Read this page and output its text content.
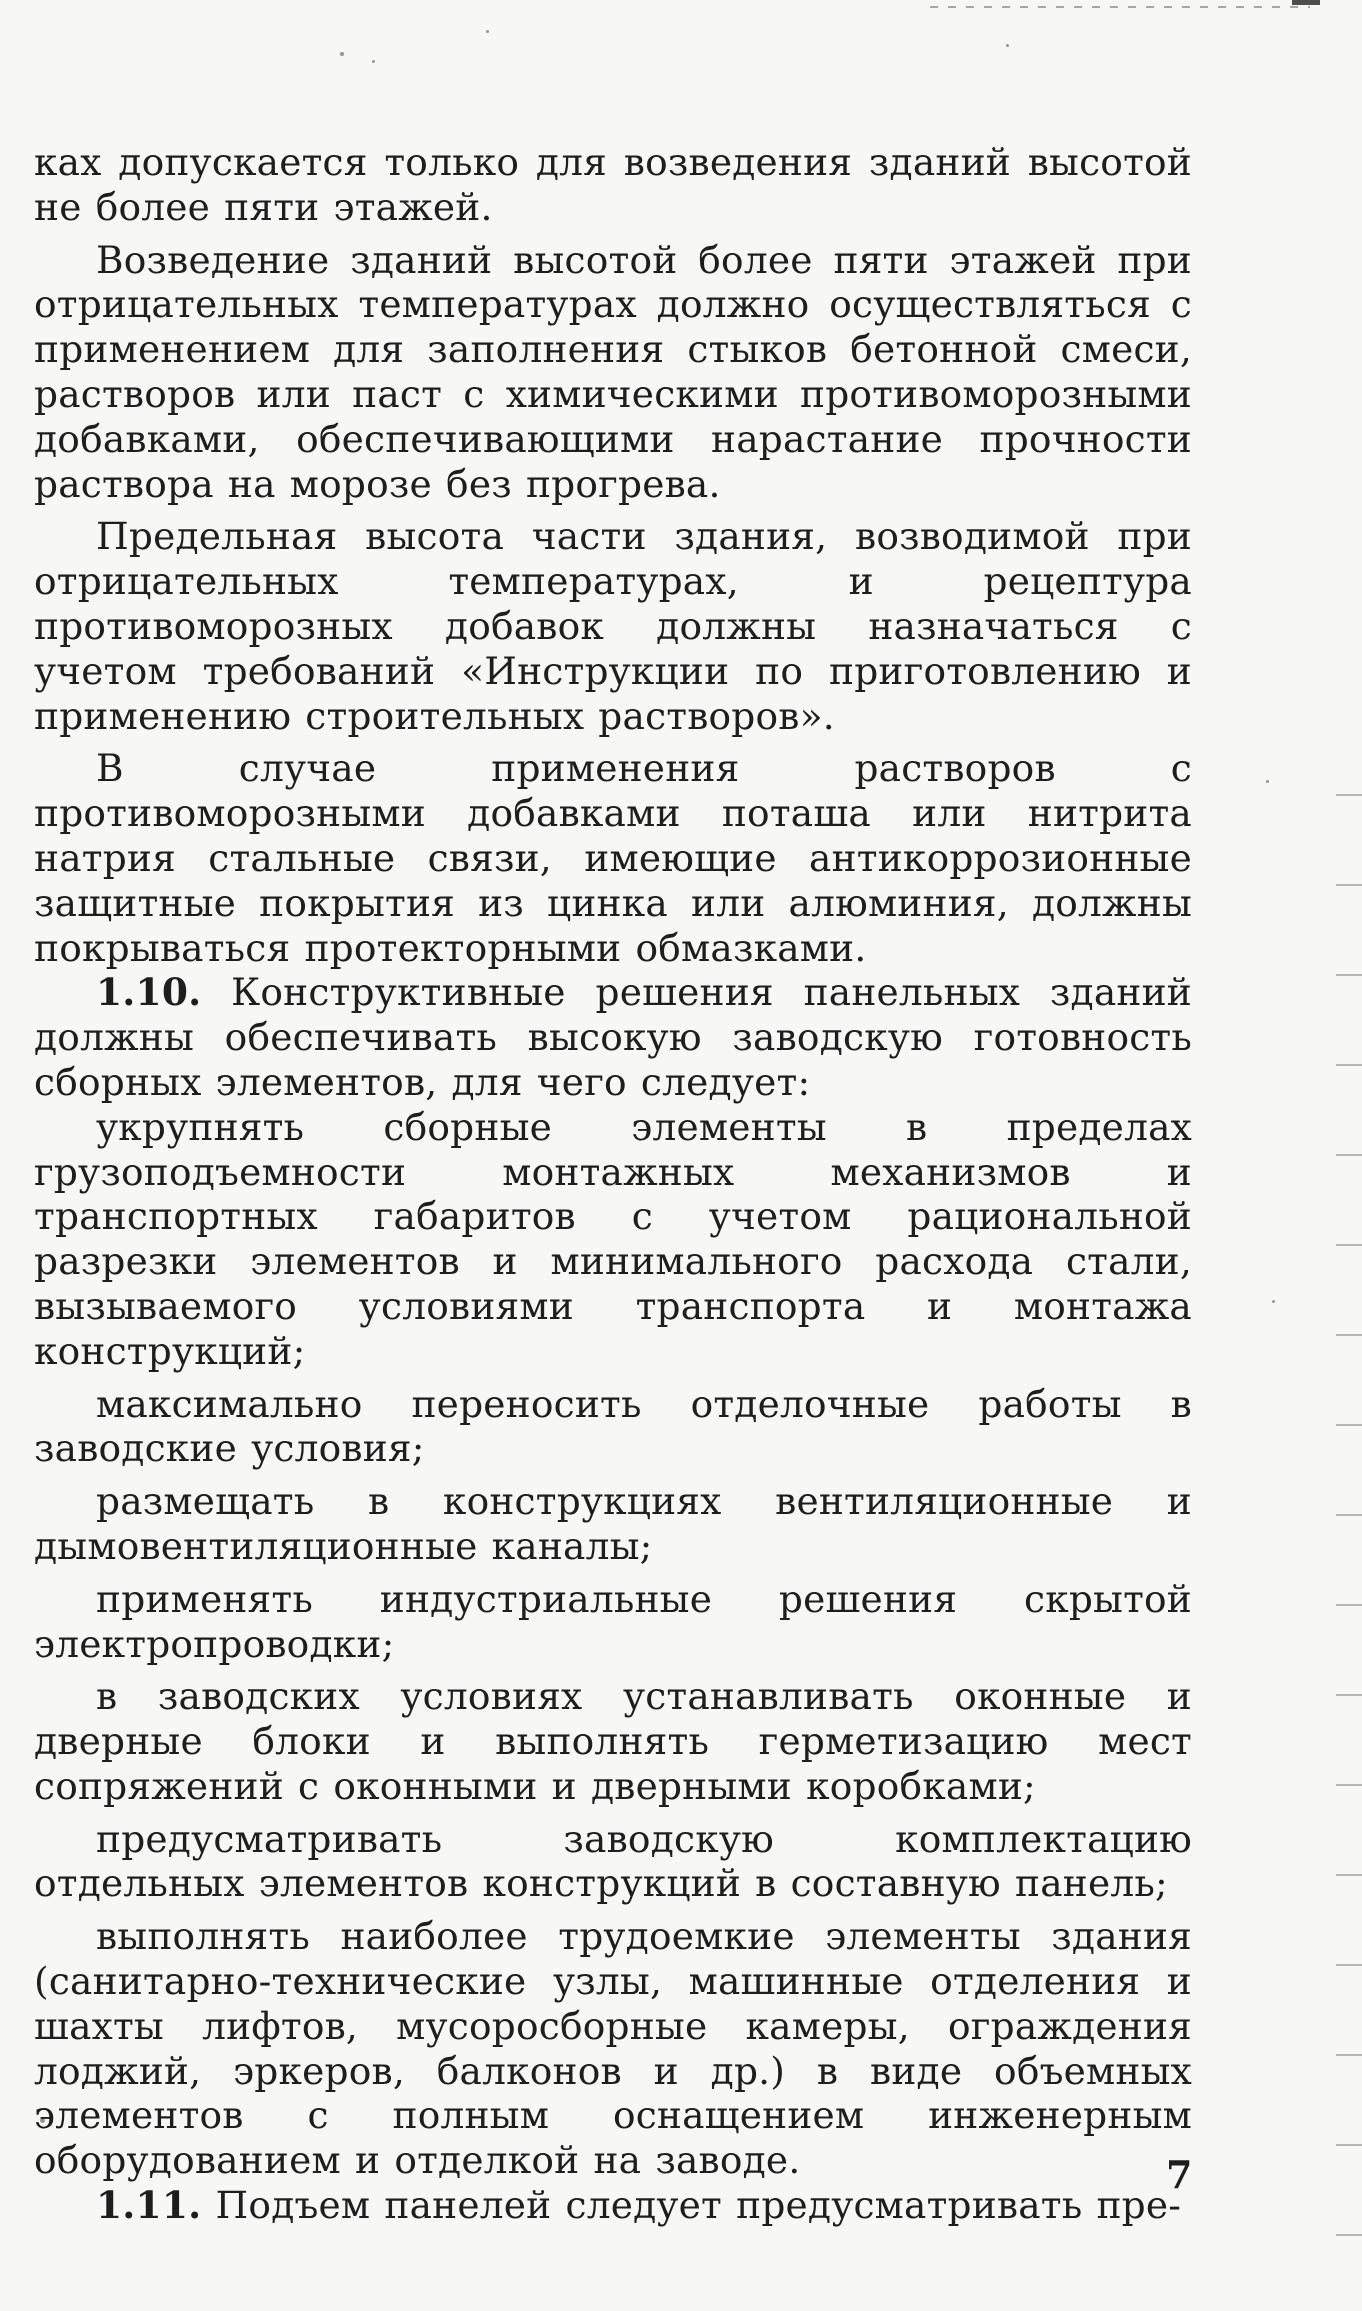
ках допускается только для возведения зданий высотой не более пяти этажей.

Возведение зданий высотой более пяти этажей при отрицательных температурах должно осуществляться с применением для заполнения стыков бетонной смеси, растворов или паст с химическими противоморозными добавками, обеспечивающими нарастание прочности раствора на морозе без прогрева.

Предельная высота части здания, возводимой при отрицательных температурах, и рецептура противоморозных добавок должны назначаться с учетом требований «Инструкции по приготовлению и применению строительных растворов».

В случае применения растворов с противоморозными добавками поташа или нитрита натрия стальные связи, имеющие антикоррозионные защитные покрытия из цинка или алюминия, должны покрываться протекторными обмазками.

1.10. Конструктивные решения панельных зданий должны обеспечивать высокую заводскую готовность сборных элементов, для чего следует:

укрупнять сборные элементы в пределах грузоподъемности монтажных механизмов и транспортных габаритов с учетом рациональной разрезки элементов и минимального расхода стали, вызываемого условиями транспорта и монтажа конструкций;

максимально переносить отделочные работы в заводские условия;

размещать в конструкциях вентиляционные и дымовентиляционные каналы;

применять индустриальные решения скрытой электропроводки;

в заводских условиях устанавливать оконные и дверные блоки и выполнять герметизацию мест сопряжений с оконными и дверными коробками;

предусматривать заводскую комплектацию отдельных элементов конструкций в составную панель;

выполнять наиболее трудоемкие элементы здания (санитарно-технические узлы, машинные отделения и шахты лифтов, мусоросборные камеры, ограждения лоджий, эркеров, балконов и др.) в виде объемных элементов с полным оснащением инженерным оборудованием и отделкой на заводе.

1.11. Подъем панелей следует предусматривать пре-

7
